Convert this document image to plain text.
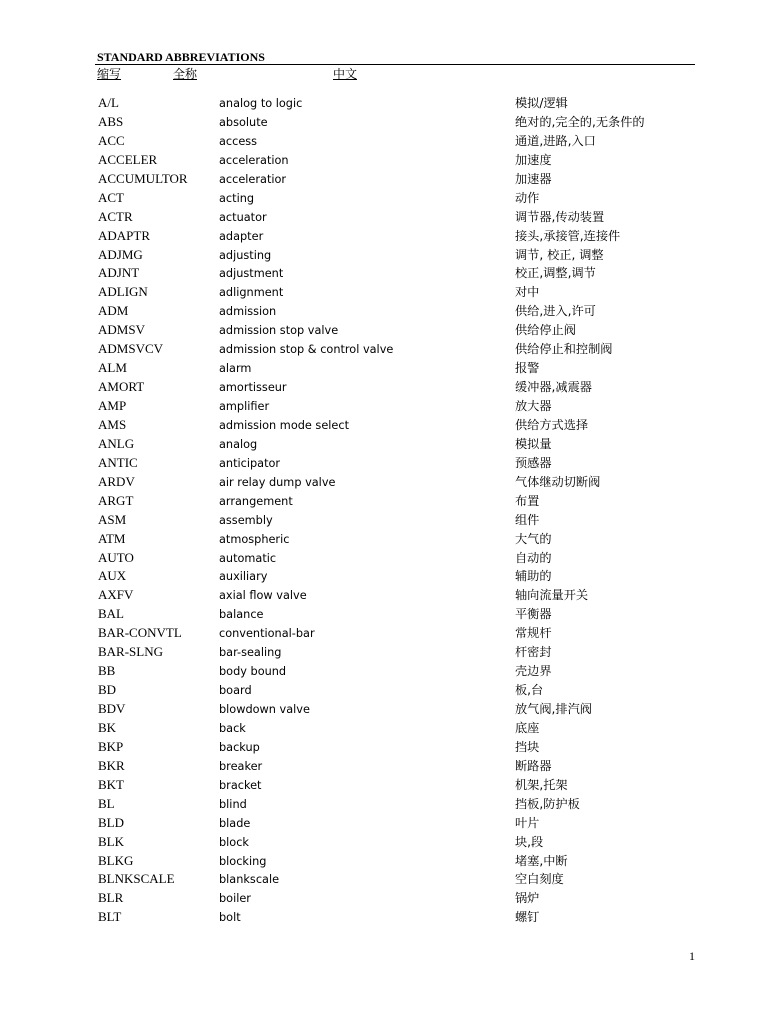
STANDARD ABBREVIATIONS
缩写	全称	中文
A/L	analog to logic	模拟/逻辑
ABS	absolute	绝对的,完全的,无条件的
ACC	access	通道,进路,入口
ACCELER	acceleration	加速度
ACCUMULTOR	acceleratior	加速器
ACT	acting	动作
ACTR	actuator	调节器,传动装置
ADAPTR	adapter	接头,承接管,连接件
ADJMG	adjusting	调节, 校正, 调整
ADJNT	adjustment	校正,调整,调节
ADLIGN	adlignment	对中
ADM	admission	供给,进入,许可
ADMSV	admission stop valve	供给停止阀
ADMSVCV	admission stop & control valve	供给停止和控制阀
ALM	alarm	报警
AMORT	amortisseur	缓冲器,减震器
AMP	amplifier	放大器
AMS	admission mode select	供给方式选择
ANLG	analog	模拟量
ANTIC	anticipator	预感器
ARDV	air relay dump valve	气体继动切断阀
ARGT	arrangement	布置
ASM	assembly	组件
ATM	atmospheric	大气的
AUTO	automatic	自动的
AUX	auxiliary	辅助的
AXFV	axial flow valve	轴向流量开关
BAL	balance	平衡器
BAR-CONVTL	conventional-bar	常规杆
BAR-SLNG	bar-sealing	杆密封
BB	body bound	壳边界
BD	board	板,台
BDV	blowdown valve	放气阀,排汽阀
BK	back	底座
BKP	backup	挡块
BKR	breaker	断路器
BKT	bracket	机架,托架
BL	blind	挡板,防护板
BLD	blade	叶片
BLK	block	块,段
BLKG	blocking	堵塞,中断
BLNKSCALE	blankscale	空白刻度
BLR	boiler	锅炉
BLT	bolt	螺钉
1
